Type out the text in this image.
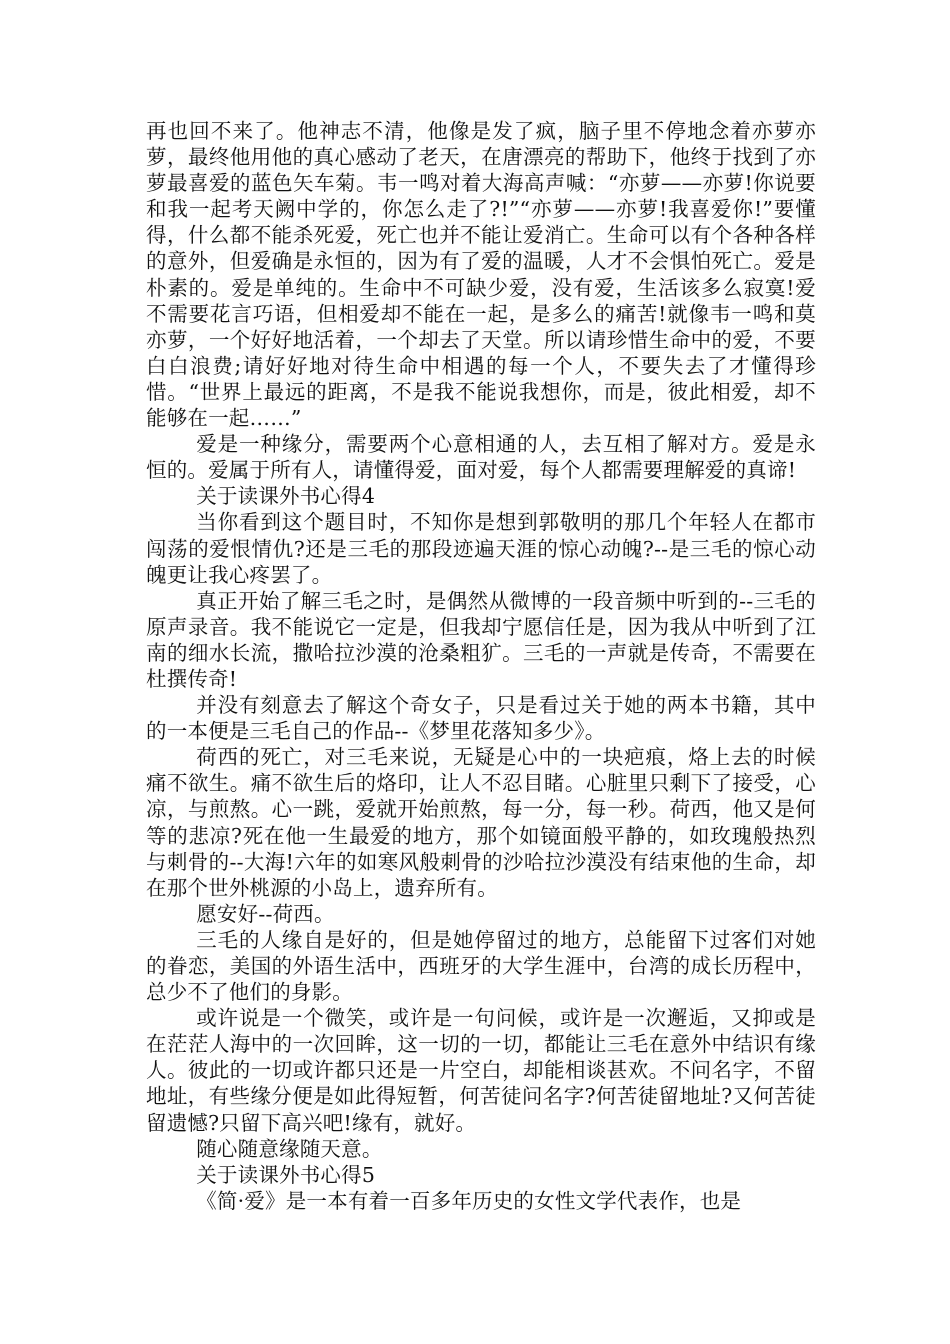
再也回不来了。他神志不清，他像是发了疯，脑子里不停地念着亦萝亦萝，最终他用他的真心感动了老天，在唐漂亮的帮助下，他终于找到了亦萝最喜爱的蓝色矢车菊。韦一鸣对着大海高声喊：“亦萝——亦萝!你说要和我一起考天阙中学的，你怎么走了?!”“亦萝——亦萝!我喜爱你!”要懂得，什么都不能杀死爱，死亡也并不能让爱消亡。生命可以有个各种各样的意外，但爱确是永恒的，因为有了爱的温暖，人才不会惧怕死亡。爱是朴素的。爱是单纯的。生命中不可缺少爱，没有爱，生活该多么寂寞!爱不需要花言巧语，但相爱却不能在一起，是多么的痛苦!就像韦一鸣和莫亦萝，一个好好地活着，一个却去了天堂。所以请珍惜生命中的爱，不要白白浪费;请好好地对待生命中相遇的每一个人，不要失去了才懂得珍惜。“世界上最远的距离，不是我不能说我想你，而是，彼此相爱，却不能够在一起……”

爱是一种缘分，需要两个心意相通的人，去互相了解对方。爱是永恒的。爱属于所有人，请懂得爱，面对爱，每个人都需要理解爱的真谛!

关于读课外书心得4

当你看到这个题目时，不知你是想到郭敬明的那几个年轻人在都市闯荡的爱恨情仇?还是三毛的那段迹遍天涯的惊心动魄?--是三毛的惊心动魄更让我心疼罢了。

真正开始了解三毛之时，是偶然从微博的一段音频中听到的--三毛的原声录音。我不能说它一定是，但我却宁愿信任是，因为我从中听到了江南的细水长流，撒哈拉沙漠的沧桑粗犷。三毛的一声就是传奇，不需要在杜撰传奇!

并没有刻意去了解这个奇女子，只是看过关于她的两本书籍，其中的一本便是三毛自己的作品--《梦里花落知多少》。

荷西的死亡，对三毛来说，无疑是心中的一块疤痕，烙上去的时候痛不欲生。痛不欲生后的烙印，让人不忍目睹。心脏里只剩下了接受，心凉，与煎熬。心一跳，爱就开始煎熬，每一分，每一秒。荷西，他又是何等的悲凉?死在他一生最爱的地方，那个如镜面般平静的，如玫瑰般热烈与刺骨的--大海!六年的如寒风般刺骨的沙哈拉沙漠没有结束他的生命，却在那个世外桃源的小岛上，遗弃所有。

愿安好--荷西。

三毛的人缘自是好的，但是她停留过的地方，总能留下过客们对她的眷恋，美国的外语生活中，西班牙的大学生涯中，台湾的成长历程中，总少不了他们的身影。

或许说是一个微笑，或许是一句问候，或许是一次邂逅，又抑或是在茫茫人海中的一次回眸，这一切的一切，都能让三毛在意外中结识有缘人。彼此的一切或许都只还是一片空白，却能相谈甚欢。不问名字，不留地址，有些缘分便是如此得短暂，何苦徒问名字?何苦徒留地址?又何苦徒留遗憾?只留下高兴吧!缘有，就好。

随心随意缘随天意。

关于读课外书心得5

《简·爱》是一本有着一百多年历史的女性文学代表作，也是
